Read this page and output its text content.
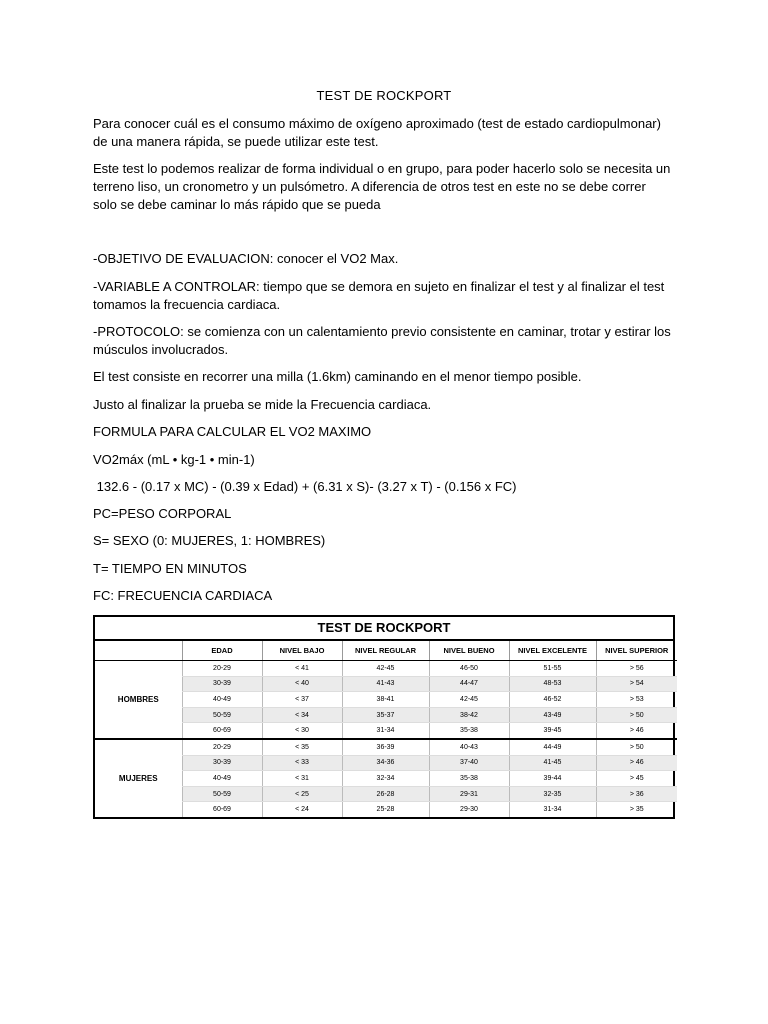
TEST DE ROCKPORT
Para conocer cuál es el consumo máximo de oxígeno aproximado (test de estado cardiopulmonar)
de una manera rápida, se puede utilizar este test.
Este test lo podemos realizar de forma individual o en grupo, para poder hacerlo solo se necesita un
terreno liso, un cronometro y un pulsómetro. A diferencia de otros test en este no se debe correr
solo se debe caminar lo más rápido que se pueda
-OBJETIVO DE EVALUACION: conocer el VO2 Max.
-VARIABLE A CONTROLAR: tiempo que se demora en sujeto en finalizar el test y al finalizar el test
tomamos la frecuencia cardiaca.
-PROTOCOLO: se comienza con un calentamiento previo consistente en caminar, trotar y estirar los
músculos involucrados.
El test consiste en recorrer una milla (1.6km) caminando en el menor tiempo posible.
Justo al finalizar la prueba se mide la Frecuencia cardiaca.
FORMULA PARA CALCULAR EL VO2 MAXIMO
VO2máx (mL • kg-1 • min-1)
132.6 - (0.17 x MC) - (0.39 x Edad) + (6.31 x S)- (3.27 x T) - (0.156 x FC)
PC=PESO CORPORAL
S= SEXO (0: MUJERES, 1: HOMBRES)
T= TIEMPO EN MINUTOS
FC: FRECUENCIA CARDIACA
TEST DE ROCKPORT
	EDAD	NIVEL BAJO	NIVEL REGULAR	NIVEL BUENO	NIVEL EXCELENTE	NIVEL SUPERIOR
HOMBRES	20-29	< 41	42-45	46-50	51-55	> 56
	30-39	< 40	41-43	44-47	48-53	> 54
	40-49	< 37	38-41	42-45	46-52	> 53
	50-59	< 34	35-37	38-42	43-49	> 50
	60-69	< 30	31-34	35-38	39-45	> 46
MUJERES	20-29	< 35	36-39	40-43	44-49	> 50
	30-39	< 33	34-36	37-40	41-45	> 46
	40-49	< 31	32-34	35-38	39-44	> 45
	50-59	< 25	26-28	29-31	32-35	> 36
	60-69	< 24	25-28	29-30	31-34	> 35
